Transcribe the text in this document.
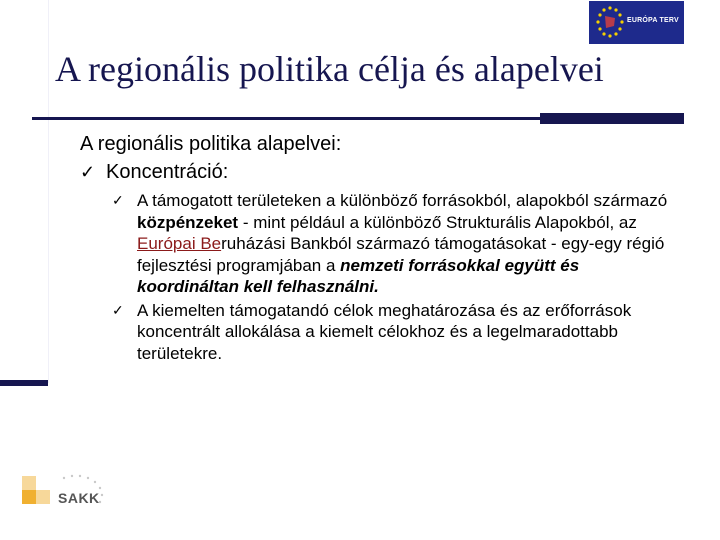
EURÓPA TERV
A regionális politika célja és alapelvei

A regionális politika alapelvei:

✓ Koncentráció:
✓ A támogatott területeken a különböző forrásokból, alapokból származó közpénzeket - mint például a különböző Strukturális Alapokból, az Európai Beruházási Bankból származó támogatásokat - egy-egy régió fejlesztési programjában a nemzeti forrásokkal együtt és koordináltan kell felhasználni.
✓ A kiemelten támogatandó célok meghatározása és az erőforrások koncentrált allokálása a kiemelt célokhoz és a legelmaradottabb területekre.
SAKK
